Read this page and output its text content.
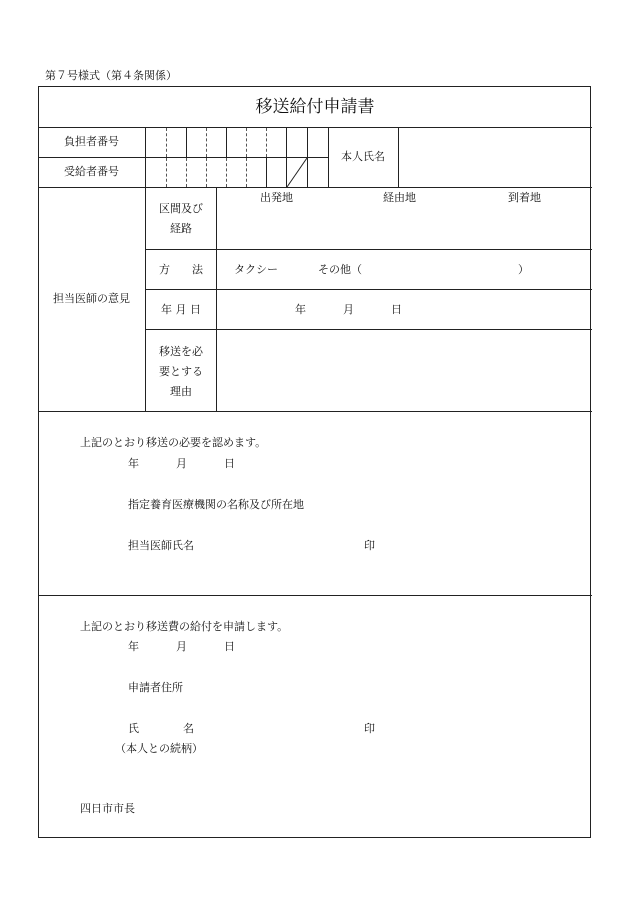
第７号様式（第４条関係）
移送給付申請書
負担者番号
受給者番号
本人氏名
担当医師の意見
区間及び
経路
出発地	経由地	到着地
方　　法	タクシー	その他（	）
年 月 日	年	月	日
移送を必
要とする
理由
上記のとおり移送の必要を認めます。
年	月	日
指定養育医療機関の名称及び所在地
担当医師氏名	印
上記のとおり移送費の給付を申請します。
年	月	日
申請者住所
氏　　　　名	印
（本人との続柄）
四日市市長
